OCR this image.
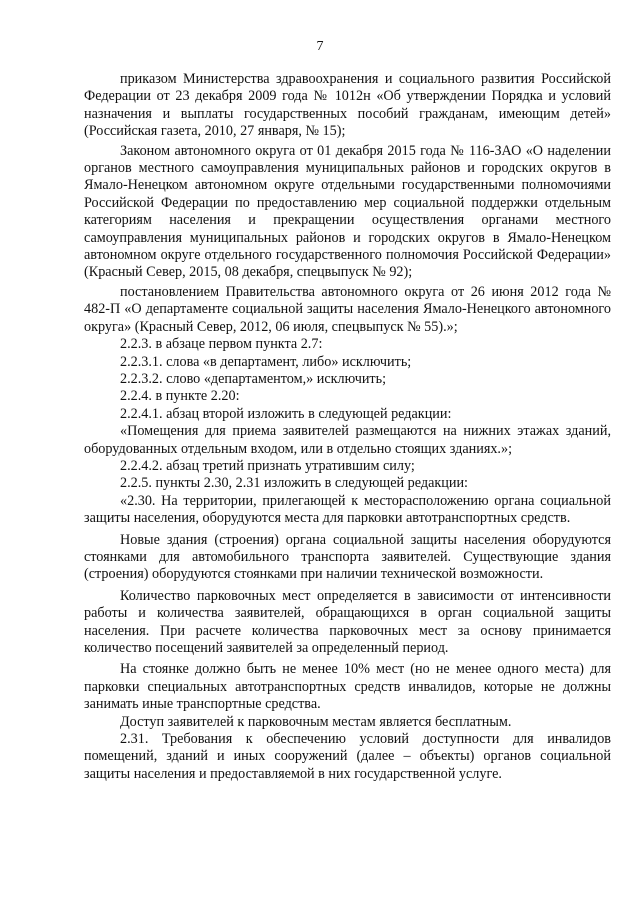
7

приказом Министерства здравоохранения и социального развития Российской Федерации от 23 декабря 2009 года № 1012н «Об утверждении Порядка и условий назначения и выплаты государственных пособий гражданам, имеющим детей» (Российская газета, 2010, 27 января, № 15);

Законом автономного округа от 01 декабря 2015 года № 116-ЗАО «О наделении органов местного самоуправления муниципальных районов и городских округов в Ямало-Ненецком автономном округе отдельными государственными полномочиями Российской Федерации по предоставлению мер социальной поддержки отдельным категориям населения и прекращении осуществления органами местного самоуправления муниципальных районов и городских округов в Ямало-Ненецком автономном округе отдельного государственного полномочия Российской Федерации» (Красный Север, 2015, 08 декабря, спецвыпуск № 92);

постановлением Правительства автономного округа от 26 июня 2012 года № 482-П «О департаменте социальной защиты населения Ямало-Ненецкого автономного округа» (Красный Север, 2012, 06 июля, спецвыпуск № 55).»;

2.2.3. в абзаце первом пункта 2.7:

2.2.3.1. слова «в департамент, либо» исключить;

2.2.3.2. слово «департаментом,» исключить;

2.2.4. в пункте 2.20:

2.2.4.1. абзац второй изложить в следующей редакции:

«Помещения для приема заявителей размещаются на нижних этажах зданий, оборудованных отдельным входом, или в отдельно стоящих зданиях.»;

2.2.4.2. абзац третий признать утратившим силу;

2.2.5. пункты 2.30, 2.31 изложить в следующей редакции:

«2.30. На территории, прилегающей к месторасположению органа социальной защиты населения, оборудуются места для парковки автотранспортных средств.

Новые здания (строения) органа социальной защиты населения оборудуются стоянками для автомобильного транспорта заявителей. Существующие здания (строения) оборудуются стоянками при наличии технической возможности.

Количество парковочных мест определяется в зависимости от интенсивности работы и количества заявителей, обращающихся в орган социальной защиты населения. При расчете количества парковочных мест за основу принимается количество посещений заявителей за определенный период.

На стоянке должно быть не менее 10% мест (но не менее одного места) для парковки специальных автотранспортных средств инвалидов, которые не должны занимать иные транспортные средства.

Доступ заявителей к парковочным местам является бесплатным.

2.31. Требования к обеспечению условий доступности для инвалидов помещений, зданий и иных сооружений (далее – объекты) органов социальной защиты населения и предоставляемой в них государственной услуге.
